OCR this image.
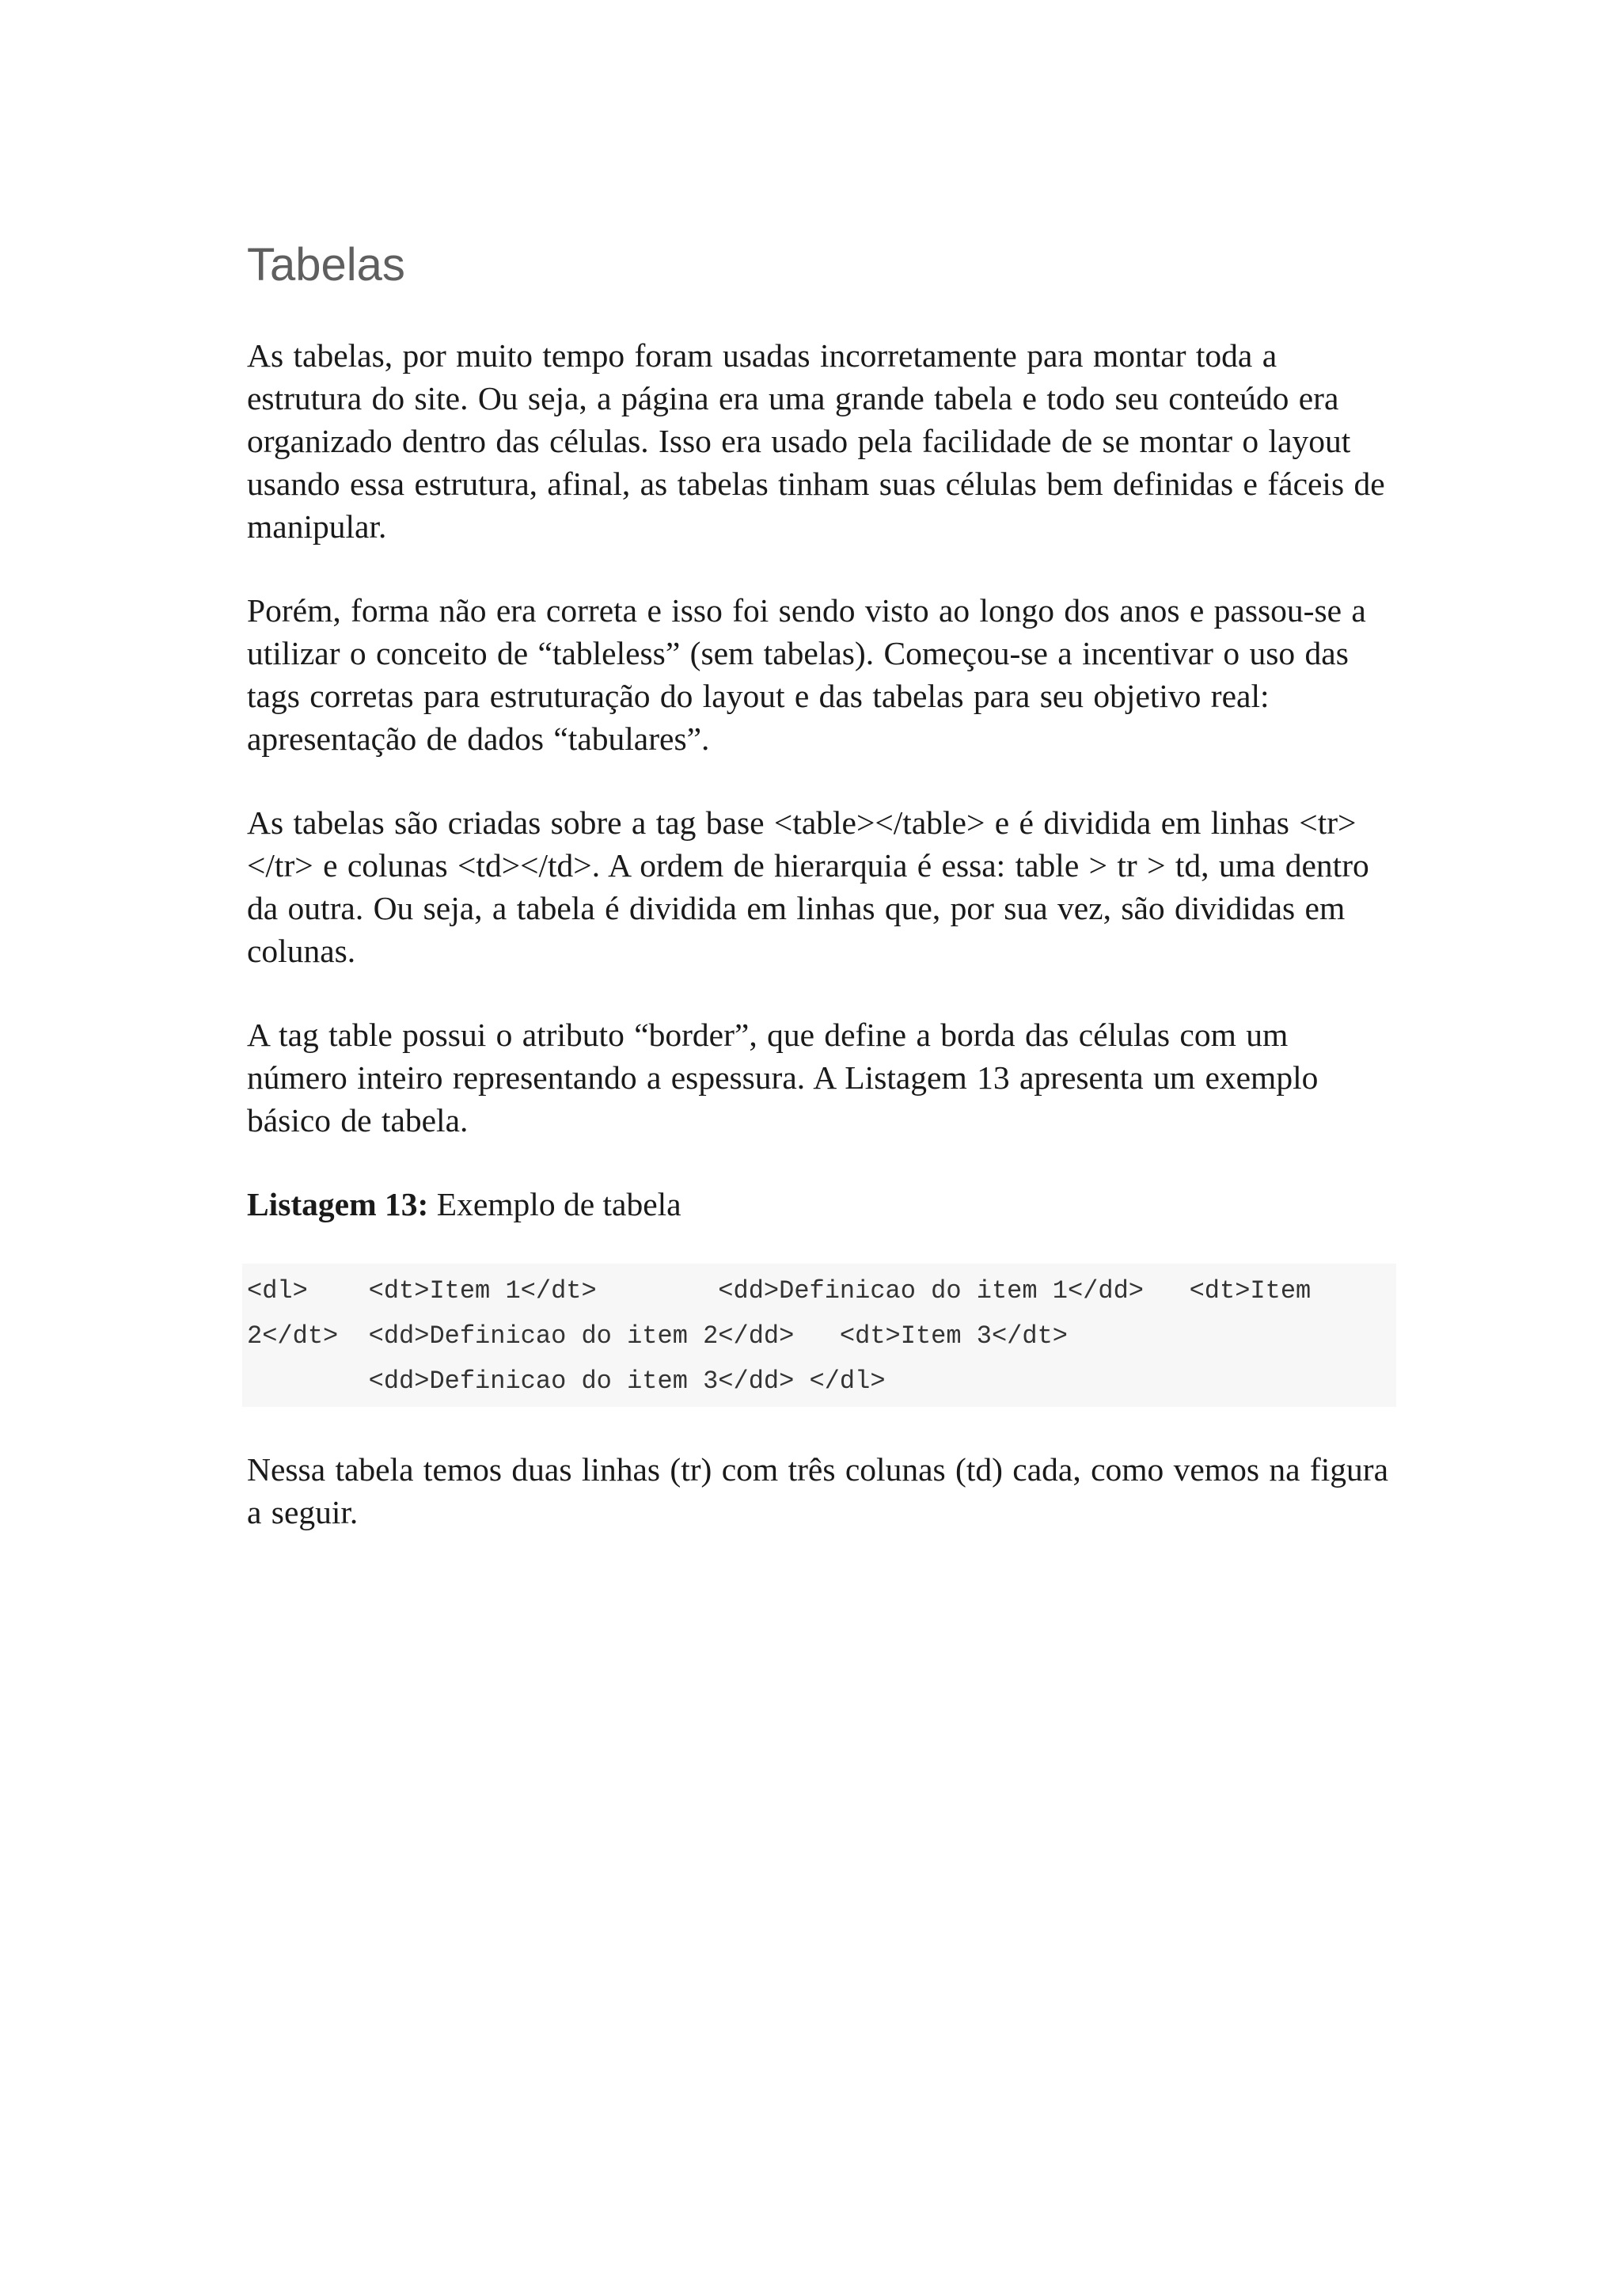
Tabelas

As tabelas, por muito tempo foram usadas incorretamente para montar toda a estrutura do site. Ou seja, a página era uma grande tabela e todo seu conteúdo era organizado dentro das células. Isso era usado pela facilidade de se montar o layout usando essa estrutura, afinal, as tabelas tinham suas células bem definidas e fáceis de manipular.

Porém, forma não era correta e isso foi sendo visto ao longo dos anos e passou-se a utilizar o conceito de “tableless” (sem tabelas). Começou-se a incentivar o uso das tags corretas para estruturação do layout e das tabelas para seu objetivo real: apresentação de dados “tabulares”.

As tabelas são criadas sobre a tag base <table></table> e é dividida em linhas <tr></tr> e colunas <td></td>. A ordem de hierarquia é essa: table > tr > td, uma dentro da outra. Ou seja, a tabela é dividida em linhas que, por sua vez, são divididas em colunas.

A tag table possui o atributo “border”, que define a borda das células com um número inteiro representando a espessura. A Listagem 13 apresenta um exemplo básico de tabela.

Listagem 13: Exemplo de tabela

<dl>    <dt>Item 1</dt>        <dd>Definicao do item 1</dd>   <dt>Item
2</dt>  <dd>Definicao do item 2</dd>   <dt>Item 3</dt>
<dd>Definicao do item 3</dd> </dl>

Nessa tabela temos duas linhas (tr) com três colunas (td) cada, como vemos na figura a seguir.
